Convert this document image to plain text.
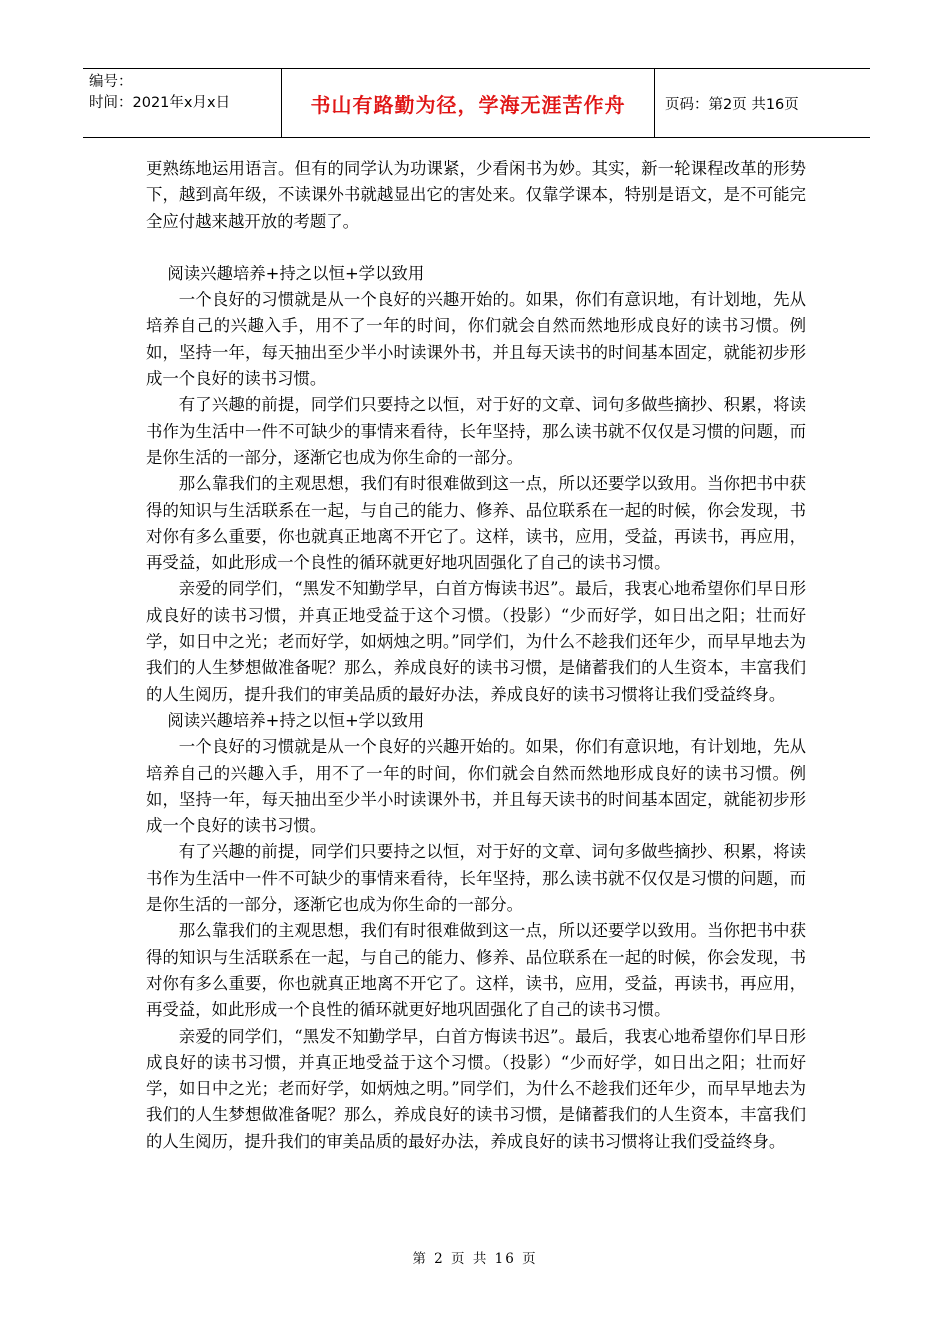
编号：
时间：2021年x月x日	书山有路勤为径，学海无涯苦作舟	页码：第2页 共16页

更熟练地运用语言。但有的同学认为功课紧，少看闲书为妙。其实，新一轮课程改革的形势下，越到高年级，不读课外书就越显出它的害处来。仅靠学课本，特别是语文，是不可能完全应付越来越开放的考题了。

阅读兴趣培养+持之以恒+学以致用

一个良好的习惯就是从一个良好的兴趣开始的。如果，你们有意识地，有计划地，先从培养自己的兴趣入手，用不了一年的时间，你们就会自然而然地形成良好的读书习惯。例如，坚持一年，每天抽出至少半小时读课外书，并且每天读书的时间基本固定，就能初步形成一个良好的读书习惯。

有了兴趣的前提，同学们只要持之以恒，对于好的文章、词句多做些摘抄、积累，将读书作为生活中一件不可缺少的事情来看待，长年坚持，那么读书就不仅仅是习惯的问题，而是你生活的一部分，逐渐它也成为你生命的一部分。

那么靠我们的主观思想，我们有时很难做到这一点，所以还要学以致用。当你把书中获得的知识与生活联系在一起，与自己的能力、修养、品位联系在一起的时候，你会发现，书对你有多么重要，你也就真正地离不开它了。这样，读书，应用，受益，再读书，再应用，再受益，如此形成一个良性的循环就更好地巩固强化了自己的读书习惯。

亲爱的同学们，“黑发不知勤学早，白首方悔读书迟”。最后，我衷心地希望你们早日形成良好的读书习惯，并真正地受益于这个习惯。（投影）“少而好学，如日出之阳；壮而好学，如日中之光；老而好学，如炳烛之明。”同学们，为什么不趁我们还年少，而早早地去为我们的人生梦想做准备呢？那么，养成良好的读书习惯，是储蓄我们的人生资本，丰富我们的人生阅历，提升我们的审美品质的最好办法，养成良好的读书习惯将让我们受益终身。

阅读兴趣培养+持之以恒+学以致用

一个良好的习惯就是从一个良好的兴趣开始的。如果，你们有意识地，有计划地，先从培养自己的兴趣入手，用不了一年的时间，你们就会自然而然地形成良好的读书习惯。例如，坚持一年，每天抽出至少半小时读课外书，并且每天读书的时间基本固定，就能初步形成一个良好的读书习惯。

有了兴趣的前提，同学们只要持之以恒，对于好的文章、词句多做些摘抄、积累，将读书作为生活中一件不可缺少的事情来看待，长年坚持，那么读书就不仅仅是习惯的问题，而是你生活的一部分，逐渐它也成为你生命的一部分。

那么靠我们的主观思想，我们有时很难做到这一点，所以还要学以致用。当你把书中获得的知识与生活联系在一起，与自己的能力、修养、品位联系在一起的时候，你会发现，书对你有多么重要，你也就真正地离不开它了。这样，读书，应用，受益，再读书，再应用，再受益，如此形成一个良性的循环就更好地巩固强化了自己的读书习惯。

亲爱的同学们，“黑发不知勤学早，白首方悔读书迟”。最后，我衷心地希望你们早日形成良好的读书习惯，并真正地受益于这个习惯。（投影）“少而好学，如日出之阳；壮而好学，如日中之光；老而好学，如炳烛之明。”同学们，为什么不趁我们还年少，而早早地去为我们的人生梦想做准备呢？那么，养成良好的读书习惯，是储蓄我们的人生资本，丰富我们的人生阅历，提升我们的审美品质的最好办法，养成良好的读书习惯将让我们受益终身。

第 2 页 共 16 页
